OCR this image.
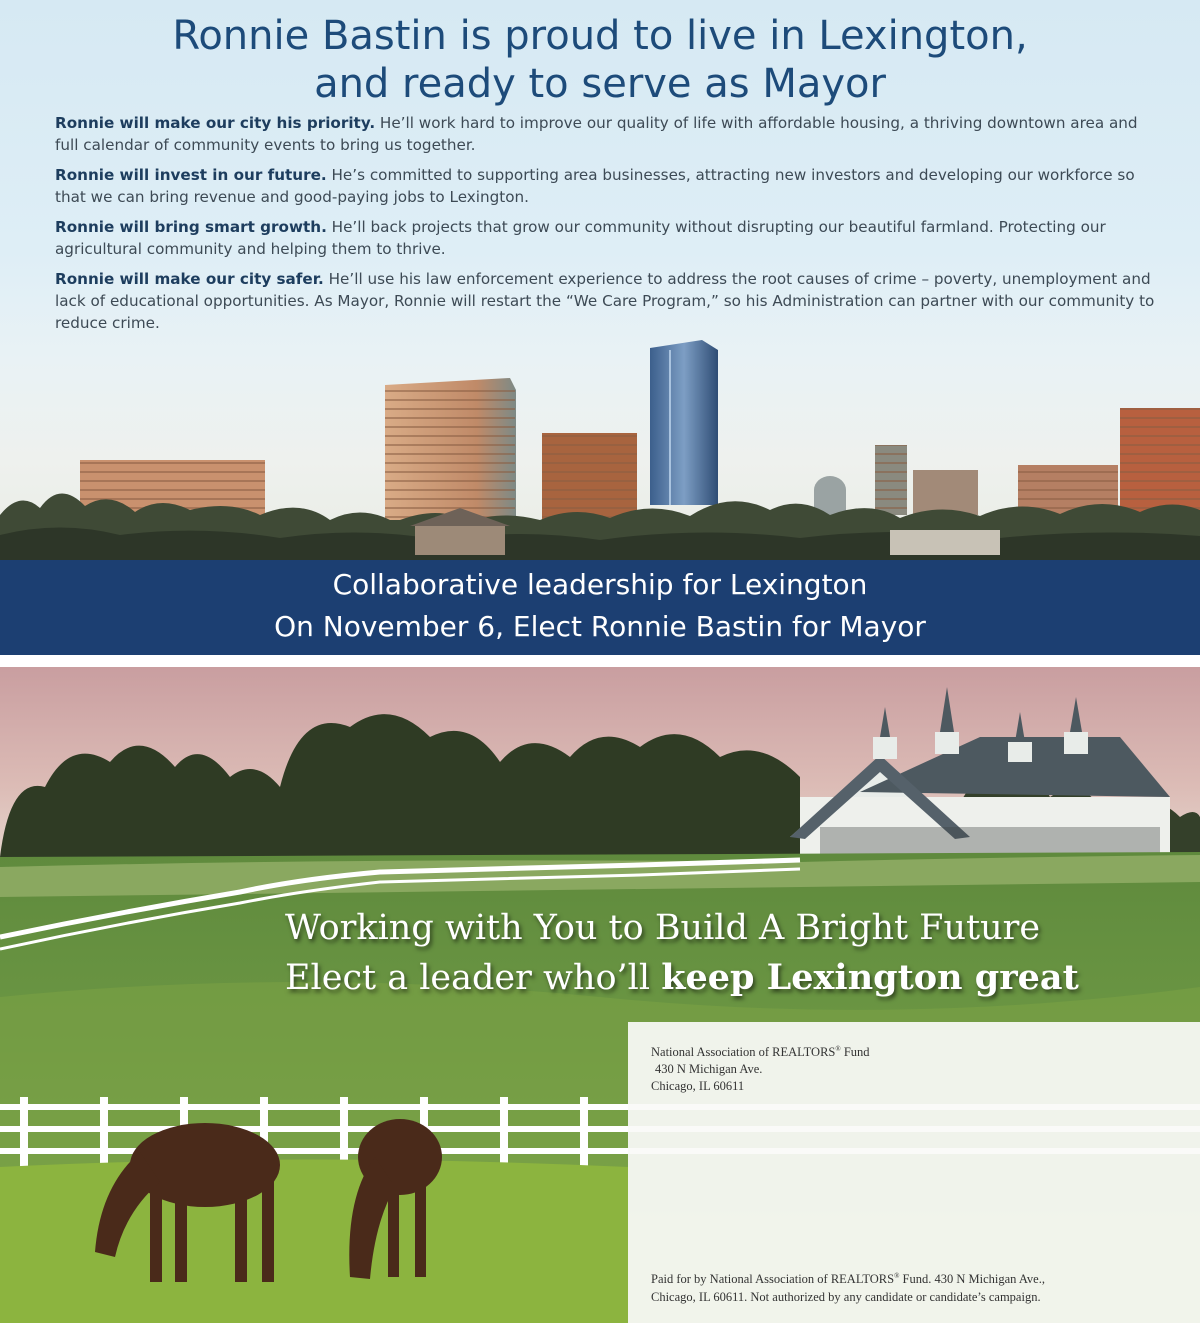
Ronnie Bastin is proud to live in Lexington,
and ready to serve as Mayor

Ronnie will make our city his priority. He’ll work hard to improve our quality of life with affordable housing, a thriving downtown area and full calendar of community events to bring us together.

Ronnie will invest in our future. He’s committed to supporting area businesses, attracting new investors and developing our workforce so that we can bring revenue and good-paying jobs to Lexington.

Ronnie will bring smart growth. He’ll back projects that grow our community without disrupting our beautiful farmland. Protecting our agricultural community and helping them to thrive.

Ronnie will make our city safer. He’ll use his law enforcement experience to address the root causes of crime – poverty, unemployment and lack of educational opportunities. As Mayor, Ronnie will restart the “We Care Program,” so his Administration can partner with our community to reduce crime.

Collaborative leadership for Lexington
On November 6, Elect Ronnie Bastin for Mayor
Working with You to Build A Bright Future
Elect a leader who’ll keep Lexington great
National Association of REALTORS® Fund
430 N Michigan Ave.
Chicago, IL 60611
Paid for by National Association of REALTORS® Fund. 430 N Michigan Ave.,
Chicago, IL 60611. Not authorized by any candidate or candidate’s campaign.
